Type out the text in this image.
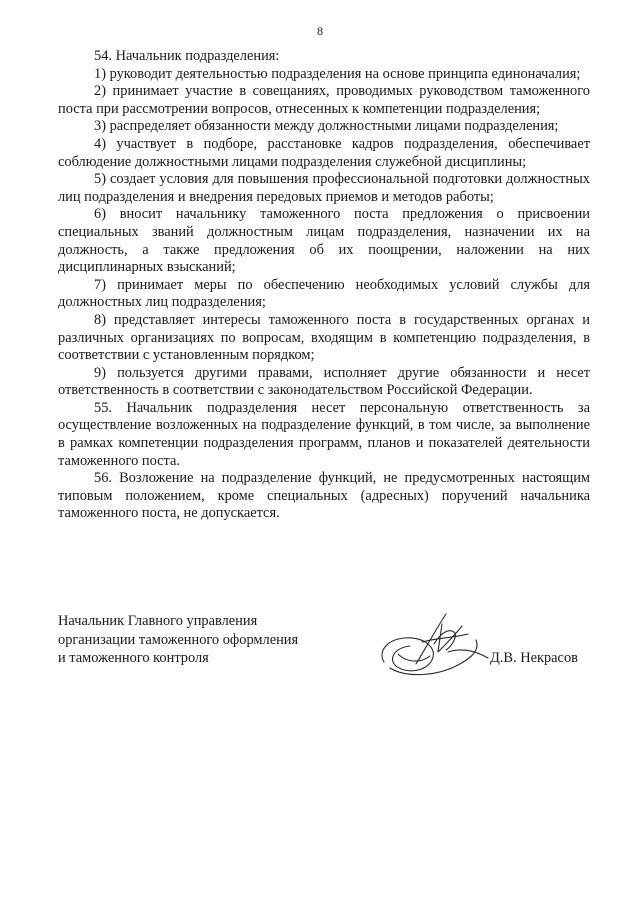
8

54. Начальник подразделения:

1) руководит деятельностью подразделения на основе принципа единоначалия;

2) принимает участие в совещаниях, проводимых руководством таможенного поста при рассмотрении вопросов, отнесенных к компетенции подразделения;

3) распределяет обязанности между должностными лицами подразделения;

4) участвует в подборе, расстановке кадров подразделения, обеспечивает соблюдение должностными лицами подразделения служебной дисциплины;

5) создает условия для повышения профессиональной подготовки должностных лиц подразделения и внедрения передовых приемов и методов работы;

6) вносит начальнику таможенного поста предложения о присвоении специальных званий должностным лицам подразделения, назначении их на должность, а также предложения об их поощрении, наложении на них дисциплинарных взысканий;

7) принимает меры по обеспечению необходимых условий службы для должностных лиц подразделения;

8) представляет интересы таможенного поста в государственных органах и различных организациях по вопросам, входящим в компетенцию подразделения, в соответствии с установленным порядком;

9) пользуется другими правами, исполняет другие обязанности и несет ответственность в соответствии с законодательством Российской Федерации.

55. Начальник подразделения несет персональную ответственность за осуществление возложенных на подразделение функций, в том числе, за выполнение в рамках компетенции подразделения программ, планов и показателей деятельности таможенного поста.

56. Возложение на подразделение функций, не предусмотренных настоящим типовым положением, кроме специальных (адресных) поручений начальника таможенного поста, не допускается.

Начальник Главного управления
организации таможенного оформления
и таможенного контроля	Д.В. Некрасов
